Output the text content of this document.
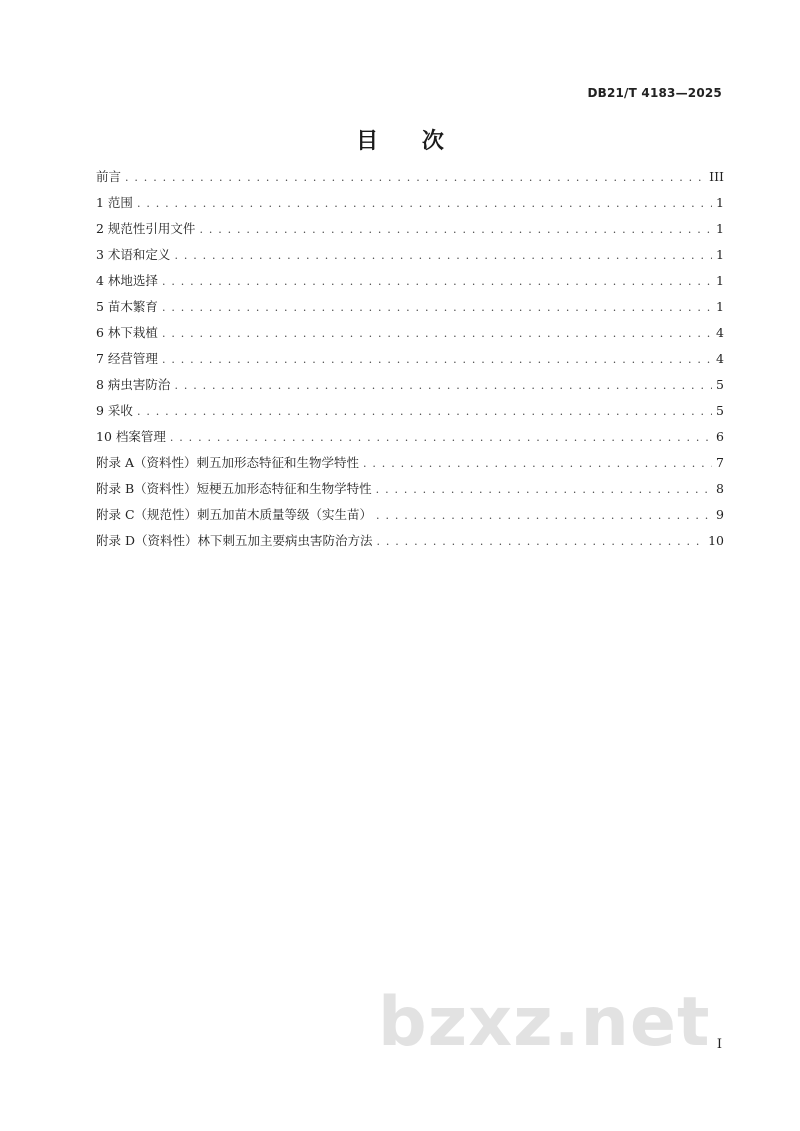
DB21/T 4183—2025
目 次
前言 . . .	III
1 范围 . . .	1
2 规范性引用文件 . . .	1
3 术语和定义 . . .	1
4 林地选择 . . .	1
5 苗木繁育 . . .	1
6 林下栽植 . . .	4
7 经营管理 . . .	4
8 病虫害防治 . . .	5
9 采收 . . .	5
10 档案管理 . . .	6
附录 A（资料性）刺五加形态特征和生物学特性 . . .	7
附录 B（资料性）短梗五加形态特征和生物学特性 . . .	8
附录 C（规范性）刺五加苗木质量等级（实生苗） . . .	9
附录 D（资料性）林下刺五加主要病虫害防治方法 . . .	10
bzxz.net I
